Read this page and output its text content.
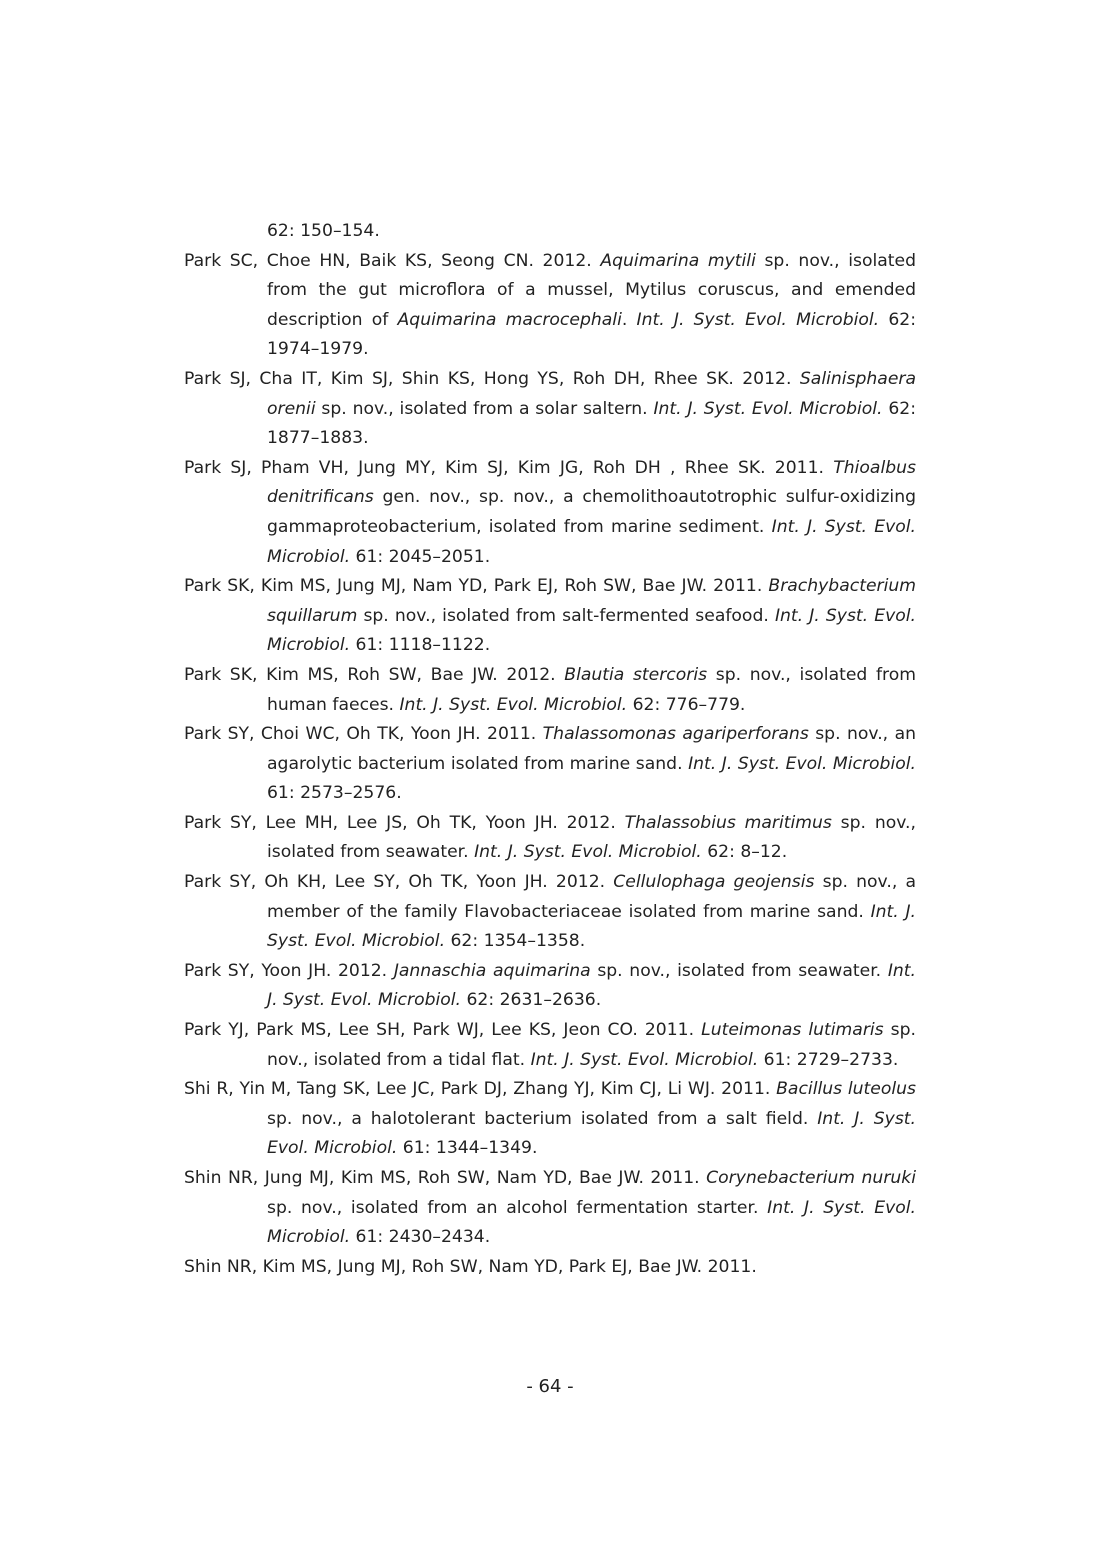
62: 150–154.
Park SC, Choe HN, Baik KS, Seong CN. 2012. Aquimarina mytili sp. nov., isolated from the gut microflora of a mussel, Mytilus coruscus, and emended description of Aquimarina macrocephali. Int. J. Syst. Evol. Microbiol. 62: 1974–1979.
Park SJ, Cha IT, Kim SJ, Shin KS, Hong YS, Roh DH, Rhee SK. 2012. Salinisphaera orenii sp. nov., isolated from a solar saltern. Int. J. Syst. Evol. Microbiol. 62: 1877–1883.
Park SJ, Pham VH, Jung MY, Kim SJ, Kim JG, Roh DH , Rhee SK. 2011. Thioalbus denitrificans gen. nov., sp. nov., a chemolithoautotrophic sulfur-oxidizing gammaproteobacterium, isolated from marine sediment. Int. J. Syst. Evol. Microbiol. 61: 2045–2051.
Park SK, Kim MS, Jung MJ, Nam YD, Park EJ, Roh SW, Bae JW. 2011. Brachybacterium squillarum sp. nov., isolated from salt-fermented seafood. Int. J. Syst. Evol. Microbiol. 61: 1118–1122.
Park SK, Kim MS, Roh SW, Bae JW. 2012. Blautia stercoris sp. nov., isolated from human faeces. Int. J. Syst. Evol. Microbiol. 62: 776–779.
Park SY, Choi WC, Oh TK, Yoon JH. 2011. Thalassomonas agariperforans sp. nov., an agarolytic bacterium isolated from marine sand. Int. J. Syst. Evol. Microbiol. 61: 2573–2576.
Park SY, Lee MH, Lee JS, Oh TK, Yoon JH. 2012. Thalassobius maritimus sp. nov., isolated from seawater. Int. J. Syst. Evol. Microbiol. 62: 8–12.
Park SY, Oh KH, Lee SY, Oh TK, Yoon JH. 2012. Cellulophaga geojensis sp. nov., a member of the family Flavobacteriaceae isolated from marine sand. Int. J. Syst. Evol. Microbiol. 62: 1354–1358.
Park SY, Yoon JH. 2012. Jannaschia aquimarina sp. nov., isolated from seawater. Int. J. Syst. Evol. Microbiol. 62: 2631–2636.
Park YJ, Park MS, Lee SH, Park WJ, Lee KS, Jeon CO. 2011. Luteimonas lutimaris sp. nov., isolated from a tidal flat. Int. J. Syst. Evol. Microbiol. 61: 2729–2733.
Shi R, Yin M, Tang SK, Lee JC, Park DJ, Zhang YJ, Kim CJ, Li WJ. 2011. Bacillus luteolus sp. nov., a halotolerant bacterium isolated from a salt field. Int. J. Syst. Evol. Microbiol. 61: 1344–1349.
Shin NR, Jung MJ, Kim MS, Roh SW, Nam YD, Bae JW. 2011. Corynebacterium nuruki sp. nov., isolated from an alcohol fermentation starter. Int. J. Syst. Evol. Microbiol. 61: 2430–2434.
Shin NR, Kim MS, Jung MJ, Roh SW, Nam YD, Park EJ, Bae JW. 2011.
- 64 -
